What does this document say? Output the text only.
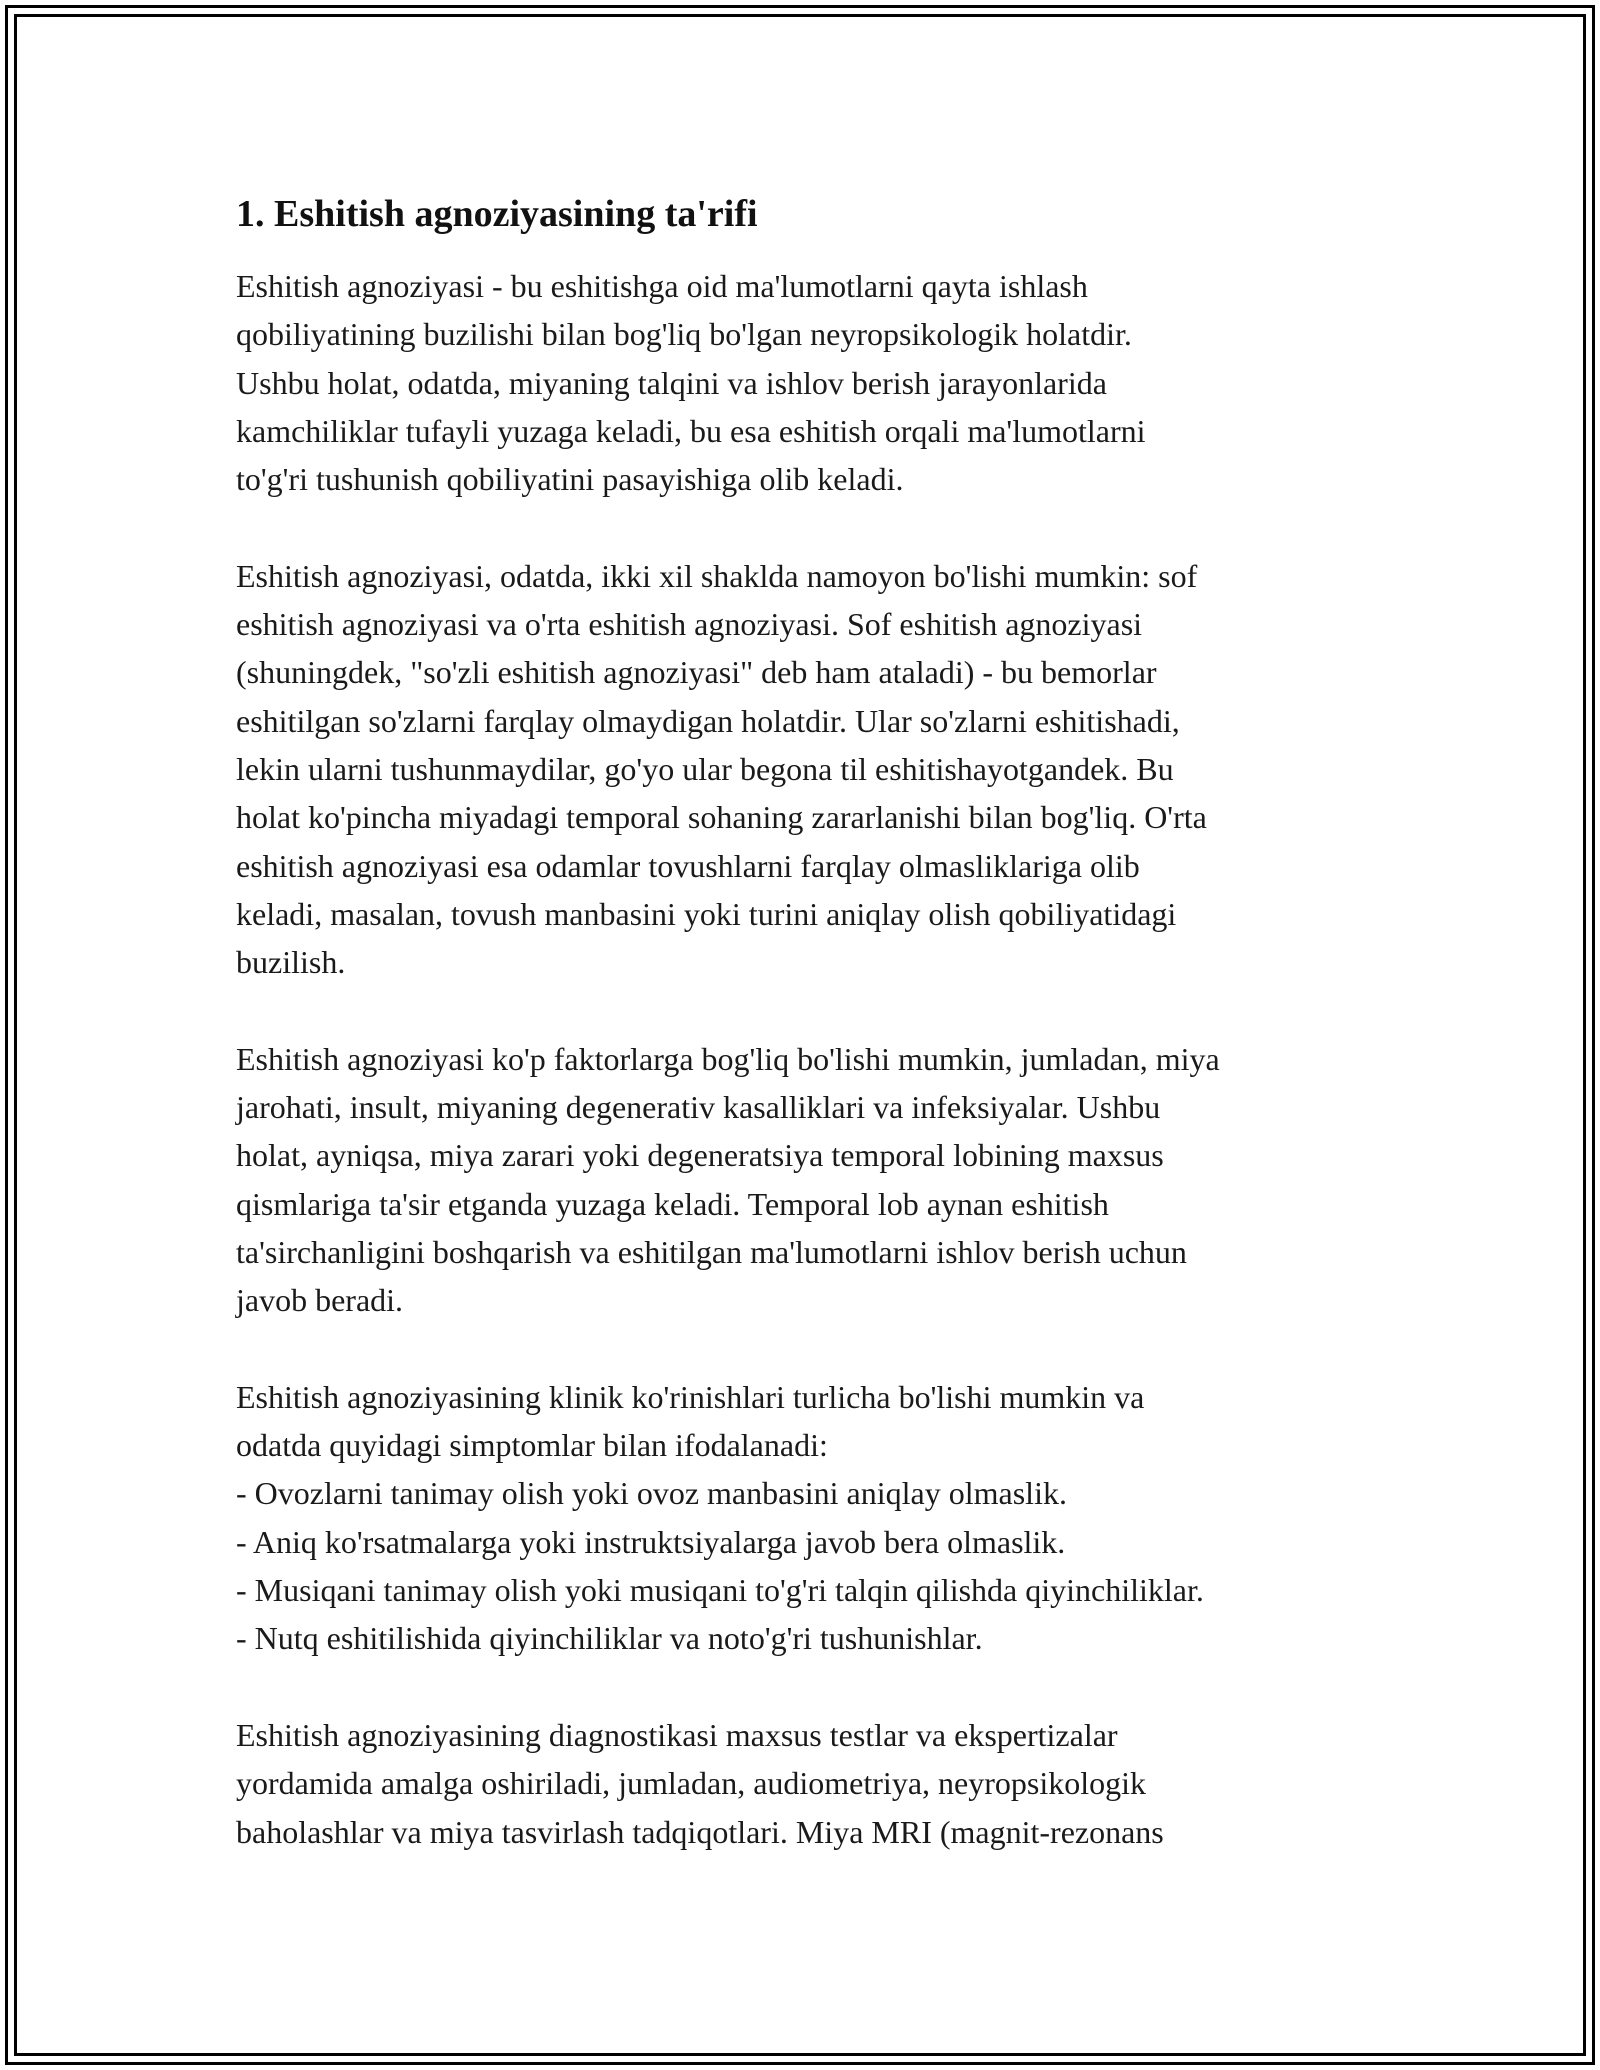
1. Eshitish agnoziyasining ta'rifi
Eshitish agnoziyasi - bu eshitishga oid ma'lumotlarni qayta ishlash
qobiliyatining buzilishi bilan bog'liq bo'lgan neyropsikologik holatdir.
Ushbu holat, odatda, miyaning talqini va ishlov berish jarayonlarida
kamchiliklar tufayli yuzaga keladi, bu esa eshitish orqali ma'lumotlarni
to'g'ri tushunish qobiliyatini pasayishiga olib keladi.
Eshitish agnoziyasi, odatda, ikki xil shaklda namoyon bo'lishi mumkin: sof
eshitish agnoziyasi va o'rta eshitish agnoziyasi. Sof eshitish agnoziyasi
(shuningdek, "so'zli eshitish agnoziyasi" deb ham ataladi) - bu bemorlar
eshitilgan so'zlarni farqlay olmaydigan holatdir. Ular so'zlarni eshitishadi,
lekin ularni tushunmaydilar, go'yo ular begona til eshitishayotgandek. Bu
holat ko'pincha miyadagi temporal sohaning zararlanishi bilan bog'liq. O'rta
eshitish agnoziyasi esa odamlar tovushlarni farqlay olmasliklariga olib
keladi, masalan, tovush manbasini yoki turini aniqlay olish qobiliyatidagi
buzilish.
Eshitish agnoziyasi ko'p faktorlarga bog'liq bo'lishi mumkin, jumladan, miya
jarohati, insult, miyaning degenerativ kasalliklari va infeksiyalar. Ushbu
holat, ayniqsa, miya zarari yoki degeneratsiya temporal lobining maxsus
qismlariga ta'sir etganda yuzaga keladi. Temporal lob aynan eshitish
ta'sirchanligini boshqarish va eshitilgan ma'lumotlarni ishlov berish uchun
javob beradi.
Eshitish agnoziyasining klinik ko'rinishlari turlicha bo'lishi mumkin va
odatda quyidagi simptomlar bilan ifodalanadi:
- Ovozlarni tanimay olish yoki ovoz manbasini aniqlay olmaslik.
- Aniq ko'rsatmalarga yoki instruktsiyalarga javob bera olmaslik.
- Musiqani tanimay olish yoki musiqani to'g'ri talqin qilishda qiyinchiliklar.
- Nutq eshitilishida qiyinchiliklar va noto'g'ri tushunishlar.
Eshitish agnoziyasining diagnostikasi maxsus testlar va ekspertizalar
yordamida amalga oshiriladi, jumladan, audiometriya, neyropsikologik
baholashlar va miya tasvirlash tadqiqotlari. Miya MRI (magnit-rezonans
